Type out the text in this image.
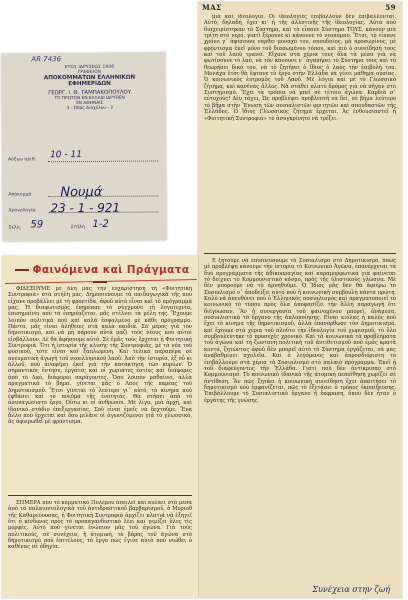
AR 7436
ΕΤΟΣ ΙΔΡΥΣΕΩΣ 1908
ΓΡΑΦΕΙΟΝ
ΑΠΟΚΟΜΜΑΤΩΝ ΕΛΛΗΝΙΚΩΝ ΕΦΗΜΕΡΙΔΩΝ
ΓΕΩΡΓ. Ι. Θ. ΤΑΜΠΑΚΟΠΟΥΛΟΥ
ΤΟ ΠΡΩΤΟΝ ΕΝ ΕΛΛΑΔΙ ΙΔΡΥΘΕΝ
ΕΝ ΑΘΗΝΑΙΣ
3 - Οδός Αισχύλου - 3
Αύξων αριθ. 10 - 11
Απόκομμα Νουμά
Χρονολογία 23 - 1 - 921
Σελίς 59	Στήλη 1-2
ΜΑΣ	59

μιά καὶ ἰδεολογία. Οἱ ἰδεολογίες ἐπιβάλλουν δὲν ἐπιβάλλονται. Αὐτό, δηλαδή, ἔχει κι' ἡ τῆς ἀλλοτινῆς τῆς ἰδεολογίας. Αὐτὰ ποὺ διαχειρίστηκαν τὸ Σύστημα, καὶ τὸ εἶπανε Σύστημα ΤΟΥΣ, κάνουν μιὰ τρίτη στὸ νερό, γιατὶ ξέρουνε κὶ κάνουνε τὸ νεοπόμπο. Ἔτσι, τὸ εἶπανε χρόνο γ᾽ ἀφίσουνε νάρθει μοναχό του, σπουδαίος, μὰ προσωρίνος, μὲ φρόντισμα ἐκεῖ μόνο τοῦ διασωμένου τόπου, καὶ πιὸ ὁ συνείδησή τους καὶ τοῦ λαοῦ τρανεί. Εἴχανε στὰ χέρια τους ὅλα τὰ μέσα γιὰ νὰ φωτίσουνε τὸ λαό, νὰ τὸν κάνουνε ν᾽ ἀγαπήσει τὸ Σύστημα τους καὶ τὸ θεωρήσει δικό του, νὰ τὸ ζητήσει ὁ ἴδιος ὁ λαὸς τὴν ἐπιβολή του. Μονάχα ἔτσι θὰ ἔφτανε τὸ ἔργο στὴν Ἑλλάδα νὰ γίνει μάθημα οὐσίας. Ὁ κοινωνικὸς ἐυτρομὸς τοῦ Λαοῦ. Μὲ λόγια καὶ μὲ τὸ Γλωσσικὸ ζήτημα, καὶ κανένας ἄλλος. Νὰ στάθει πλατύ δρόμος γιὰ νὰ πῆγαν στὸ Συστημισμό. Ἔχει τὰ τρόπια νὰ μπεῖ σὲ τέτοιο ἀγώνα· Καρδιὰ σ᾽ εὐτυχούς! Δὲν τάχει, Ὡς προβλέψει προβλεπτῆ νὰ δεί, σὲ βήμα λεύτερο τὸ βῆμα στὴν Ἕνωση τῶν σοσιαλιστῶν φοιτητῶν καὶ σπουδαστῶν τῆς Ἑλλάδος. Ὁ ἴδιος Γλωσσικὸς ζήτημα ἔρχεται. Ἀς ἐνθουσιαστεῖ ἡ «Φοιτητικὴ Συντροφιά» τὸ ἀσυγκρίνητο νὰ τρέξει.

Ε ξητοῦμε νὰ ἐπισπεύσουμε τὸ Σοσιαλισμὸ στὸ Δημοτικισμό, ὅπως μὲ προβλέψη κάνουμε τὴν ἰστορία τὸ Κοινωνικὸ Ἀγῶνα, ἐπανέρχεται τὰ δυὸ προγράμματα τῆς ἀδικοπραγίας καὶ παραμορφωτικά γιὰ φαίνεται τὸ δείχνει τὸ Κομμουνιστικὸ κόσμο, πρὸς τῆς ὑλιστικοὺς γλῶσσα. Μὲ δὲν μπορούμε νὰ τὸ ἀρνηθοῦμε. Ὁ Ἰδιος μᾶς δὲν θὰ ἀφιέρω τὸ Σοσιαλισμό ν᾽ ἀποδείξει αὐτό ποὺ ἡ κοινωνικὴ συμβουλὴ πάντα πρώτη. Καλὸ νὰ ἀπευθύνει ποὺ ὁ Ἑλληνικὸς σοσιαλισμὸς καὶ πραγματοποιεῖ τὸ κοινωνικὸ τὸ τύπου πρὸς ὅλα ἀποφασίζει τὴν ἄλλη παραγωγὴ ὅτι διέγνωσαν. Ἂν ἡ συνεργασία τοῦ φαινομένου μπορεῖ, ἀνάμεσα, σοσιαλιστικά τὸ ὄργανο τῆς ἀπλοποίησης. Εἶναι κιόλας ἡ καλὸς ποὺ ἔχει τὸ κίνημα τῆς δημοτικισμοῦ, ἀλλὰ ἐπανόρθωσε τὸν Δημοτικισμό, καὶ ἔχουμε στὰ χέρια τοῦ πλοῦτο τὴν ἰδεολογία τοῦ χωρισμοῦ, τὸ ὅλο συμβουλεύτηκε τὸ προσεχὲς χρονικό. Καὶ τὰ κοινωνικὰ τὰ προβλήματα τοῦ ἀγώνα καὶ τὴ ζωντανή πολιτικὴ τοῦ ἀντιθετισμοῦ ποὺ ἐμᾶς κρατᾶ κοντά, ζητώντας ἀφοῦ δὲν μπορεῖ αὐτὸ τὸ Σύστημα ἐργάζεται, νὰ μας ἀναβαθμίσει σχολεῖα. Καὶ ὁ λεγόμενος καὶ ἀπροσδιόριστη τὸ ἐπιβάλλουμε στὰ χέρια τὸ Σοσιαλισμὸ στὸ παλαιὸ πρόγραμμα. Ἐκεῖ ἡ τοῦ διαφεύγοντος τὴν Ἑλλάδα. Γιατὶ ποὺ δὲν ἀντίκρισαν στὸ Κομμουνισμό. Τὸ κοινωνικὸ ἰδανικὸ τῆς ἀτομικὴ πεποίθηση χωρίζει σὲ ἀντίθεση. Ἂν πῶς ζητάει ἡ κοινωνικὴ συνείδηση ἔχει ἀπαιτήσει τὸ δημοτικισμὸ ποὺ ἐμφανίζεται, πῶς τὸ ἐξετάσει ὁ τρόπος ἐκπαίδευσης. Ἐπιβάλλουμε τὸ Σοσιαλιστικὸ ὄργανο ἡ ἔκφραση, ὅπου δὲν ἦταν ὁ ἐργάτης τῆς γνώσης.

Συνέχεια στην ζωή
Φαινόμενα καὶ Πράγματα

ΦΙΔΕΣΟΥΜΕ μὲ ὅλη μας τὴν εὐχαρίστηση τὴ «Φοιτητικὴ Συντροφιά» στὰ στήλη μας. Δημοσιεύουμε τὰ παιδαγωγικὰ τῆς ποὺ εἶχανε προβάλλει μὲ τὴ φροντίδα, ἀφοῦ αὐτὸ εἶναι καὶ τὸ πρόγραμμά μας. Ἡ διαφωτισμὸς ἐπηρέασε τὸ σύγχρονο τὴ λογοτεχνία, ἐπισημαίνει ποὺ τὰ ἐπηρέαζεται, μᾶς στέλνει τὰ μέλη της. Ἔχουμε λοιπὸν πολιτικὰ ποὺ καὶ καλὰ ἐσφαλμένο μὲ κάθε πρόγραμμα. Πάντα, μᾶς εἶναι ἀλήθειες στὰ καλὰ παιδιὰ. Σὰ μέρος γιὰ τὸν δημοτικισμό, καὶ νὰ μὴ πάρουν αὐτὰ μαζὶ τοὺς νέους ποὺ αὐτοὶ εἰσβάλλουν. Δὲ θὰ ἀφήσουμε αὐτὸ. Σὲ ἐμᾶς τοὺς ἔρχεται ἡ Φοιτητικὴ Συντροφιὰ. Ὅτι ἡ ἱστορία τῆς κλίσης τῆς Συντροφιᾶς, μὲ τὰ νέα τοῦ φυσικοῦ, τότε εἶναι καὶ ξαπλωμένη. Καὶ τελικὰ παραπέρα σὲ πνευματικὴ ἀγωγὴ τοῦ νεοελληνικοῦ λαοῦ. Ἀπὸ τὴν ἱστορία, ἐξ οὗ κι ἀλλοῦ, ποὺ ἀναφέρει ἐκεῖ γιὰ τὴν κατάκτηση τῶν κυρίων. Ὁ σημαντικὸς ἔστησε, ἐργάτες καὶ οἱ χωριάτες ἐστίες καὶ διάφορες ἀπὸ τὸ Λαό, διάφοροι παράγοντες. Ὅσο λοιπὸν μαθαίνει, ἀλλὰ πραγματικά τὸ βήμα, γίνεται μᾶς ὁ Λαός τῆς παρέας τοῦ Δημοτικισμοῦ. Ἔτσι γίνεται τὸ λεύτερο γι᾽ αὐτό, τὸ κίνημα ποὺ ἐφθάσει καὶ τὸ πνεῦμα τῆς ἐνότητάς. Θὰ στήσει ἀπὸ τὸ ἀσυναγώνιστο ἔργο. Οὕτω κι οἱ ἀνθρώποι. Μὲ λίγα, μιὰ ἀρχή, καὶ ἰδανικὸ στάδιο ἐπεξεργασίας. Σοῦ εἶναι ἐμεῖς νὰ δεχτοῦμε. Ἕνα ἄλλο ποὺ ἔρχεται καὶ ὅσο μιλᾶνε οἱ ἀγωνιζόμενοι γιὰ τὸ γλωσσικὸ, ἂς ἀφιερωθεῖ μὲ φρόντισμα.

ΣΗΜΕΡΑ ποὺ τὸ κομματικὸ Πολέμου ἀπειλεῖ καὶ κυλάει στὸ μέσα ἀπὸ τὰ παλαιοντολογικὰ τοῦ ἀντιδραστικοῦ βαρβαρισμοῦ, ὁ Μυριοθ τῆς Καθαρεύουσας, ἡ Φοιτητικὴ Συντροφιὰ ἀρχίζει πλατιά νὰ ἐξηγεῖ ὅτι ὁ κίνδυνος πρὸς τὸ προπαγανδιστικό λέει καὶ γεμίζει ὅλες τὶς μορφές. Αὐτὸ ποὺ γίνεται ἐνώπιον μᾶς τοῦ ἀγώνα. Γιὰ τοὺς πολιτικούς, σὲ συνέχεια, ἡ ἀτομικὴ, τὸ βάρος τοῦ ἀγώνα στὸ δημοτικισμὸ ποὺ ἐπιτέλους, τὸ ἔργο πὼς ἔγινε αὐτὸ ποὺ νιώθει ὁ καθένας σὲ ὁδηγία.
